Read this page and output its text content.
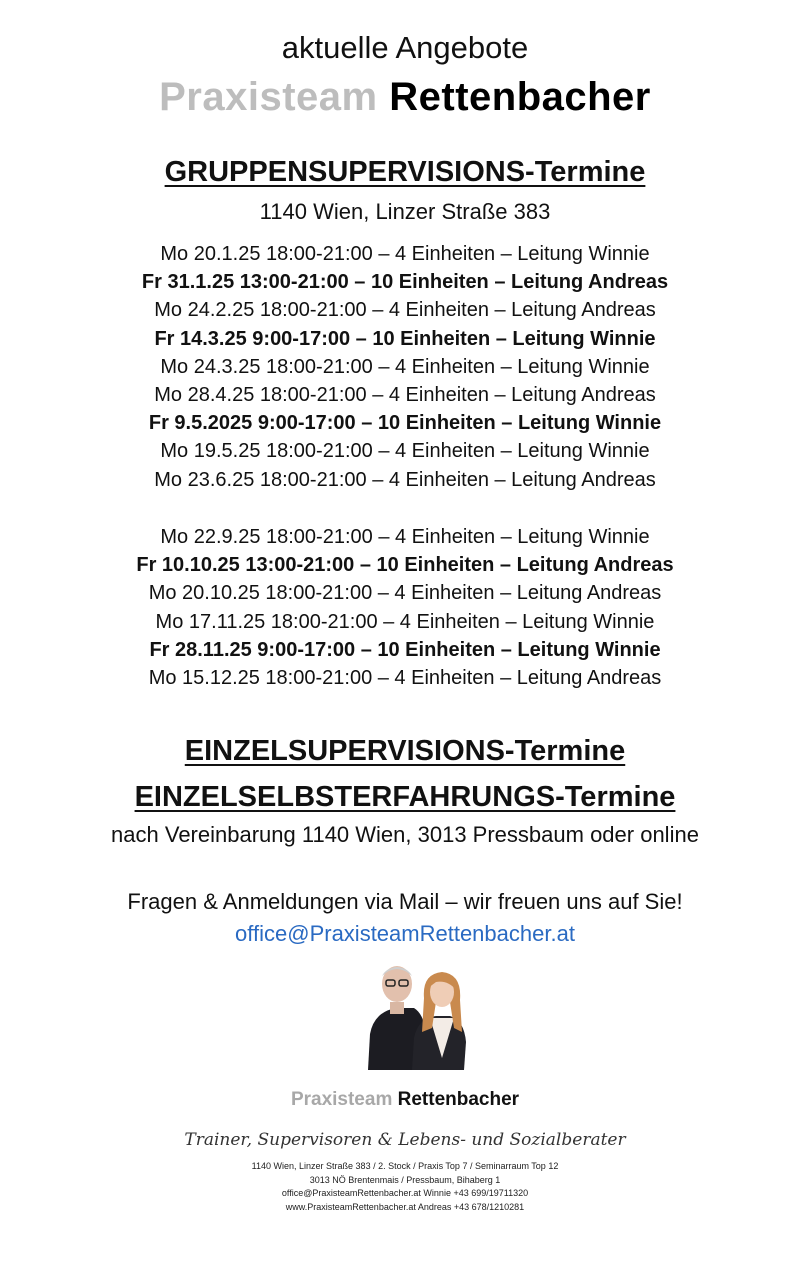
aktuelle Angebote
Praxisteam Rettenbacher
GRUPPENSUPERVISIONS-Termine
1140 Wien, Linzer Straße 383
Mo 20.1.25 18:00-21:00 – 4 Einheiten – Leitung Winnie
Fr 31.1.25 13:00-21:00 – 10 Einheiten – Leitung Andreas
Mo 24.2.25 18:00-21:00 – 4 Einheiten – Leitung Andreas
Fr 14.3.25 9:00-17:00 – 10 Einheiten – Leitung Winnie
Mo 24.3.25 18:00-21:00 – 4 Einheiten – Leitung Winnie
Mo 28.4.25 18:00-21:00 – 4 Einheiten – Leitung Andreas
Fr 9.5.2025 9:00-17:00 – 10 Einheiten – Leitung Winnie
Mo 19.5.25 18:00-21:00 – 4 Einheiten – Leitung Winnie
Mo 23.6.25 18:00-21:00 – 4 Einheiten – Leitung Andreas
Mo 22.9.25 18:00-21:00 – 4 Einheiten – Leitung Winnie
Fr 10.10.25 13:00-21:00 – 10 Einheiten – Leitung Andreas
Mo 20.10.25 18:00-21:00 – 4 Einheiten – Leitung Andreas
Mo 17.11.25 18:00-21:00 – 4 Einheiten – Leitung Winnie
Fr 28.11.25 9:00-17:00 – 10 Einheiten – Leitung Winnie
Mo 15.12.25 18:00-21:00 – 4 Einheiten – Leitung Andreas
EINZELSUPERVISIONS-Termine
EINZELSELBSTERFAHRUNGS-Termine
nach Vereinbarung 1140 Wien, 3013 Pressbaum oder online
Fragen & Anmeldungen via Mail – wir freuen uns auf Sie!
office@PraxisteamRettenbacher.at
Praxisteam Rettenbacher
Trainer, Supervisoren & Lebens- und Sozialberater
1140 Wien, Linzer Straße 383 / 2. Stock / Praxis Top 7 / Seminarraum Top 12
3013 NÖ Brentenmais / Pressbaum, Bihaberg 1
office@PraxisteamRettenbacher.at Winnie +43 699/19711320
www.PraxisteamRettenbacher.at Andreas +43 678/1210281
